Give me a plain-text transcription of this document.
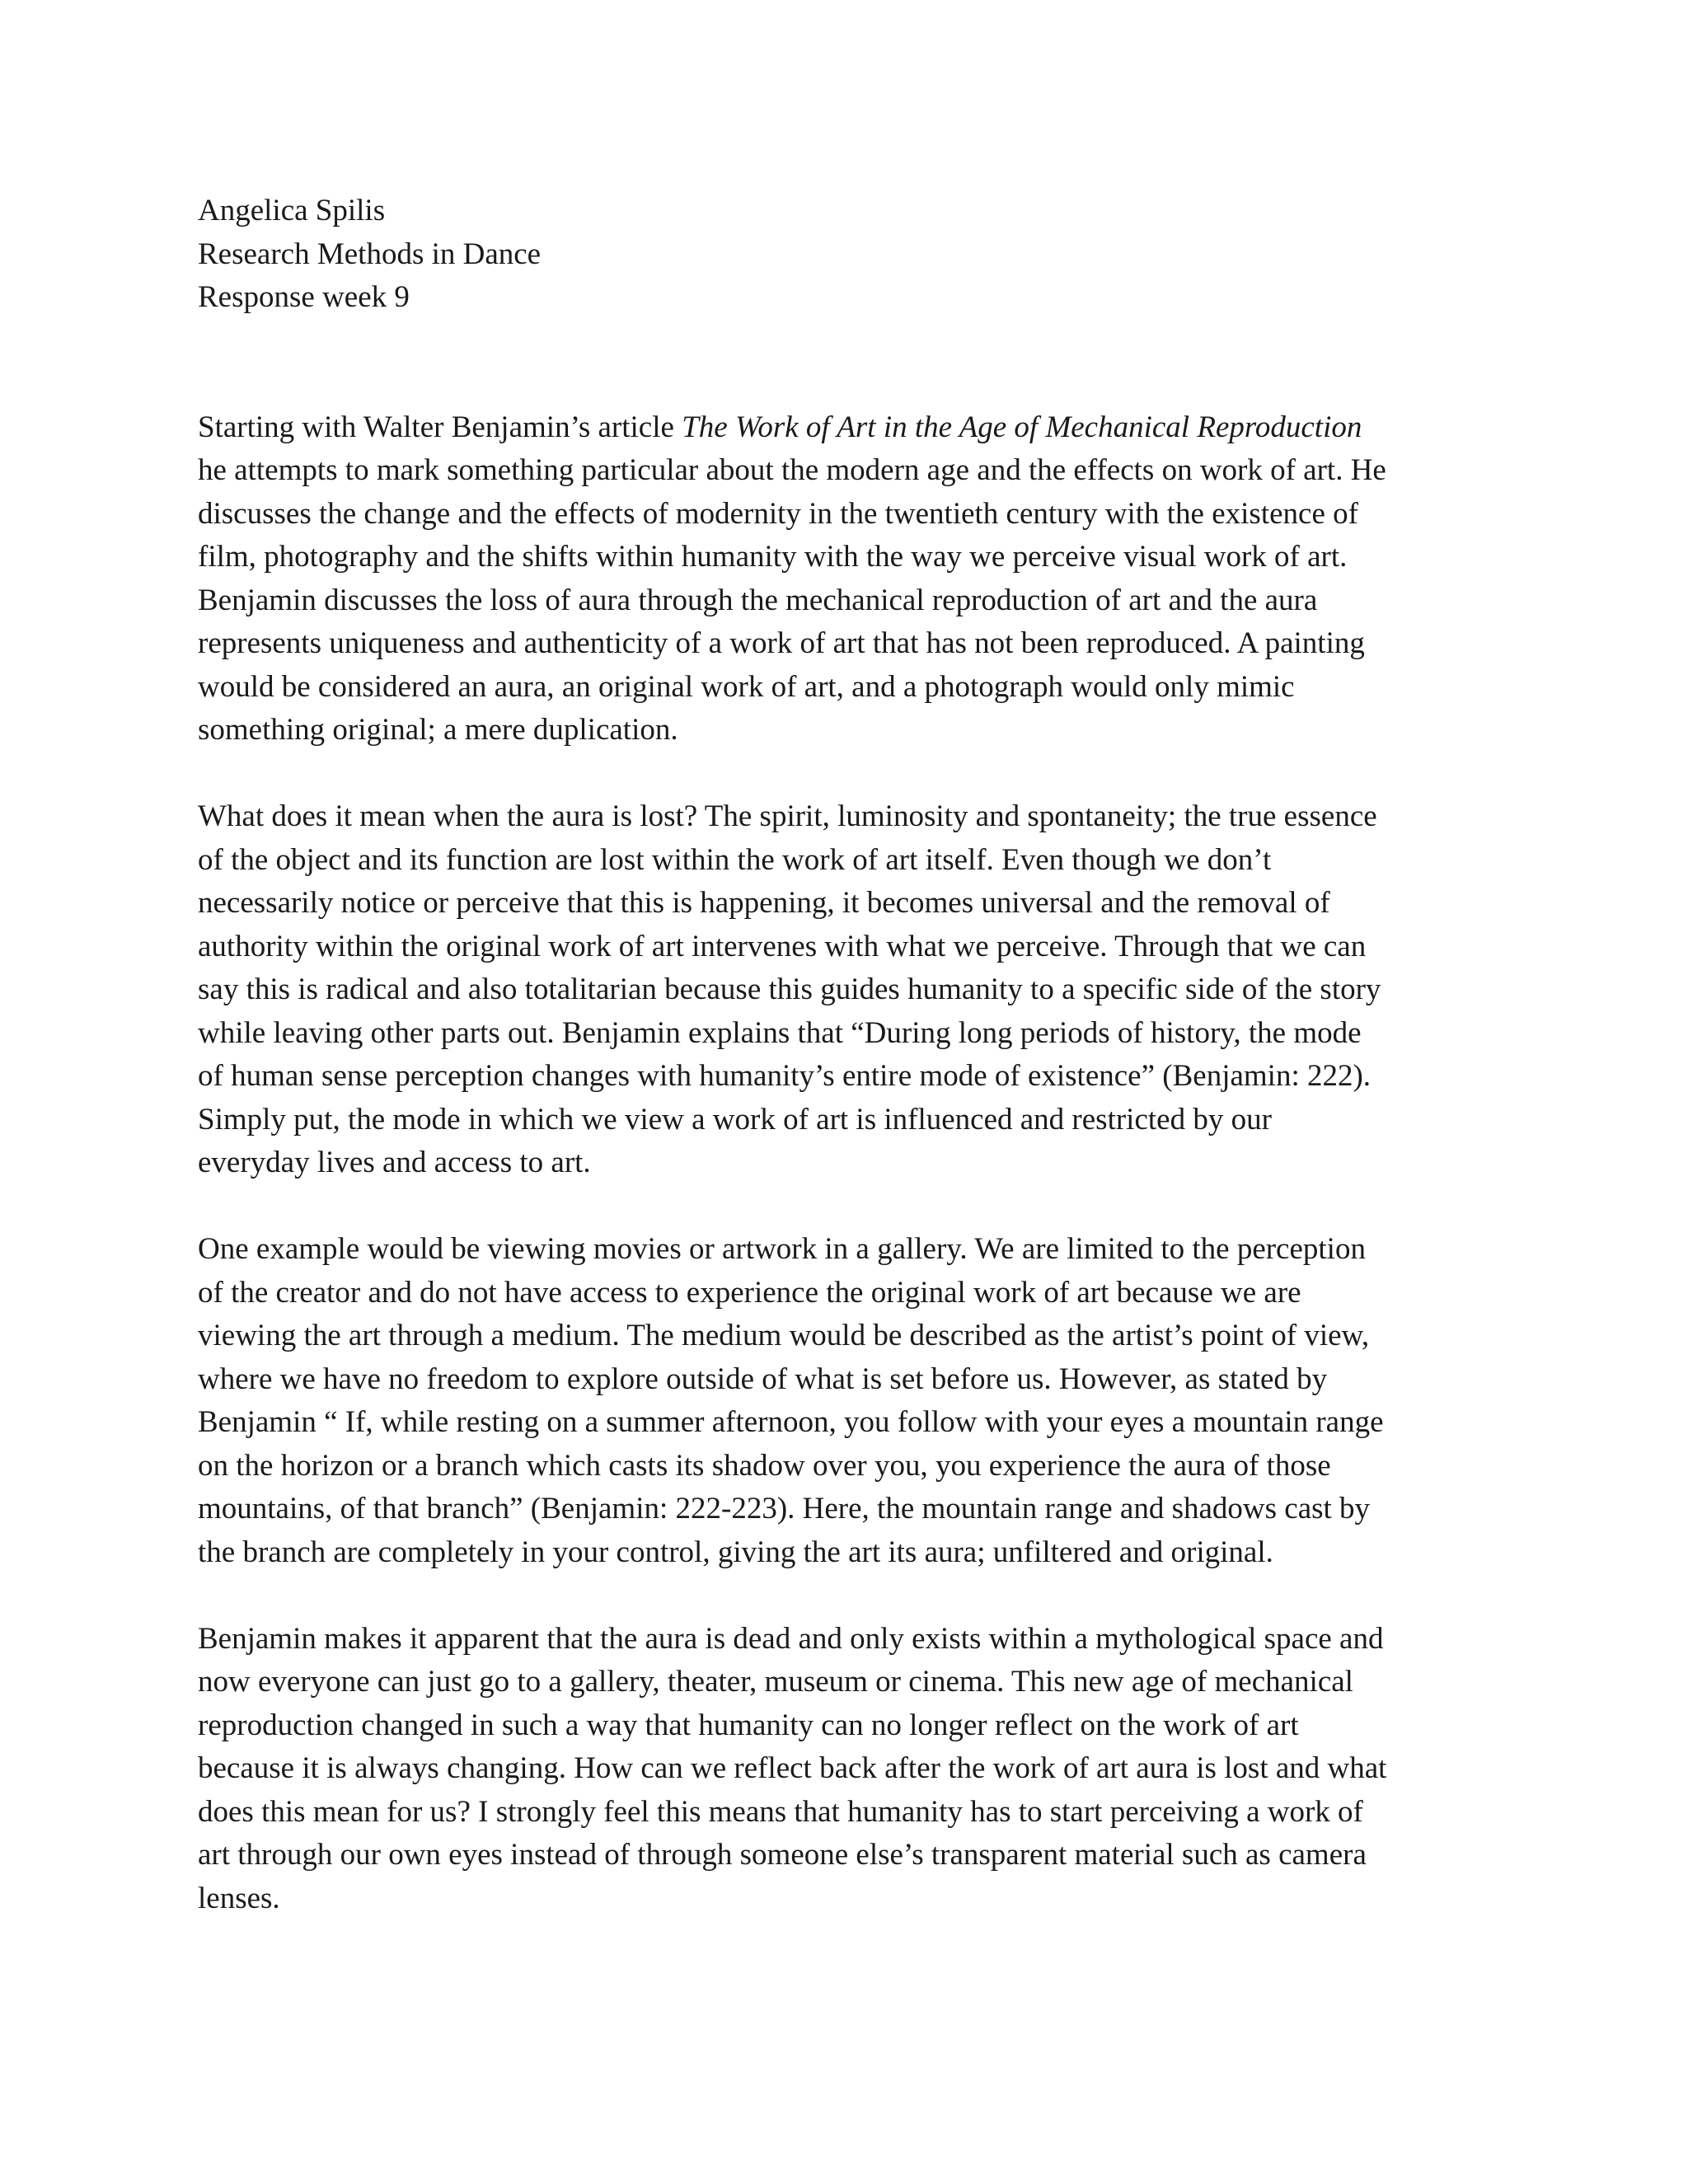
Angelica Spilis
Research Methods in Dance
Response week 9
Starting with Walter Benjamin’s article The Work of Art in the Age of Mechanical Reproduction
he attempts to mark something particular about the modern age and the effects on work of art. He
discusses the change and the effects of modernity in the twentieth century with the existence of
film, photography and the shifts within humanity with the way we perceive visual work of art.
Benjamin discusses the loss of aura through the mechanical reproduction of art and the aura
represents uniqueness and authenticity of a work of art that has not been reproduced. A painting
would be considered an aura, an original work of art, and a photograph would only mimic
something original; a mere duplication.
What does it mean when the aura is lost? The spirit, luminosity and spontaneity; the true essence
of the object and its function are lost within the work of art itself. Even though we don’t
necessarily notice or perceive that this is happening, it becomes universal and the removal of
authority within the original work of art intervenes with what we perceive. Through that we can
say this is radical and also totalitarian because this guides humanity to a specific side of the story
while leaving other parts out. Benjamin explains that “During long periods of history, the mode
of human sense perception changes with humanity’s entire mode of existence” (Benjamin: 222).
Simply put, the mode in which we view a work of art is influenced and restricted by our
everyday lives and access to art.
One example would be viewing movies or artwork in a gallery. We are limited to the perception
of the creator and do not have access to experience the original work of art because we are
viewing the art through a medium. The medium would be described as the artist’s point of view,
where we have no freedom to explore outside of what is set before us. However, as stated by
Benjamin “ If, while resting on a summer afternoon, you follow with your eyes a mountain range
on the horizon or a branch which casts its shadow over you, you experience the aura of those
mountains, of that branch” (Benjamin: 222-223). Here, the mountain range and shadows cast by
the branch are completely in your control, giving the art its aura; unfiltered and original.
Benjamin makes it apparent that the aura is dead and only exists within a mythological space and
now everyone can just go to a gallery, theater, museum or cinema. This new age of mechanical
reproduction changed in such a way that humanity can no longer reflect on the work of art
because it is always changing. How can we reflect back after the work of art aura is lost and what
does this mean for us? I strongly feel this means that humanity has to start perceiving a work of
art through our own eyes instead of through someone else’s transparent material such as camera
lenses.
